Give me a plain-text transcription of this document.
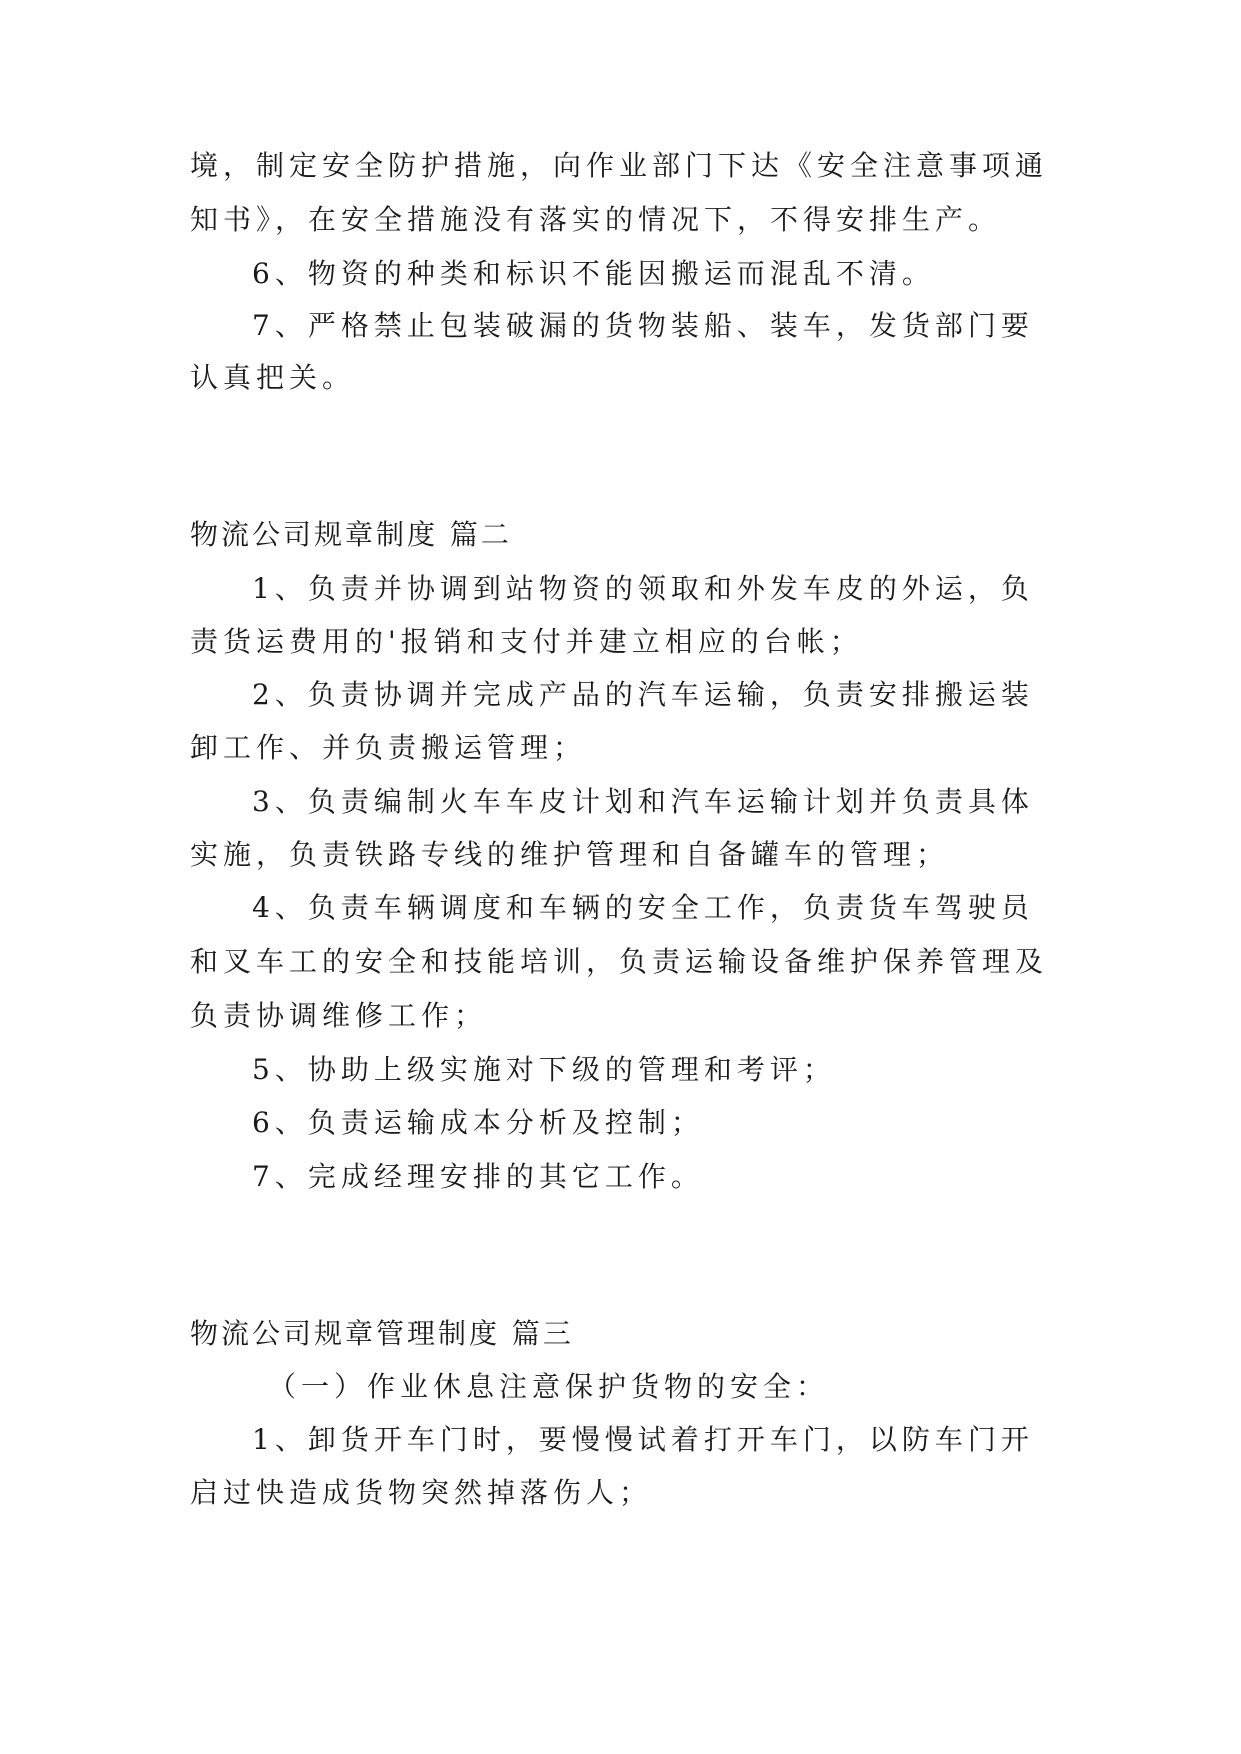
境，制定安全防护措施，向作业部门下达《安全注意事项通
知书》，在安全措施没有落实的情况下，不得安排生产。
6、物资的种类和标识不能因搬运而混乱不清。
7、严格禁止包装破漏的货物装船、装车，发货部门要
认真把关。
物流公司规章制度 篇二
1、负责并协调到站物资的领取和外发车皮的外运，负
责货运费用的'报销和支付并建立相应的台帐；
2、负责协调并完成产品的汽车运输，负责安排搬运装
卸工作、并负责搬运管理；
3、负责编制火车车皮计划和汽车运输计划并负责具体
实施，负责铁路专线的维护管理和自备罐车的管理；
4、负责车辆调度和车辆的安全工作，负责货车驾驶员
和叉车工的安全和技能培训，负责运输设备维护保养管理及
负责协调维修工作；
5、协助上级实施对下级的管理和考评；
6、负责运输成本分析及控制；
7、完成经理安排的其它工作。
物流公司规章管理制度 篇三
（一）作业休息注意保护货物的安全：
1、卸货开车门时，要慢慢试着打开车门，以防车门开
启过快造成货物突然掉落伤人；
